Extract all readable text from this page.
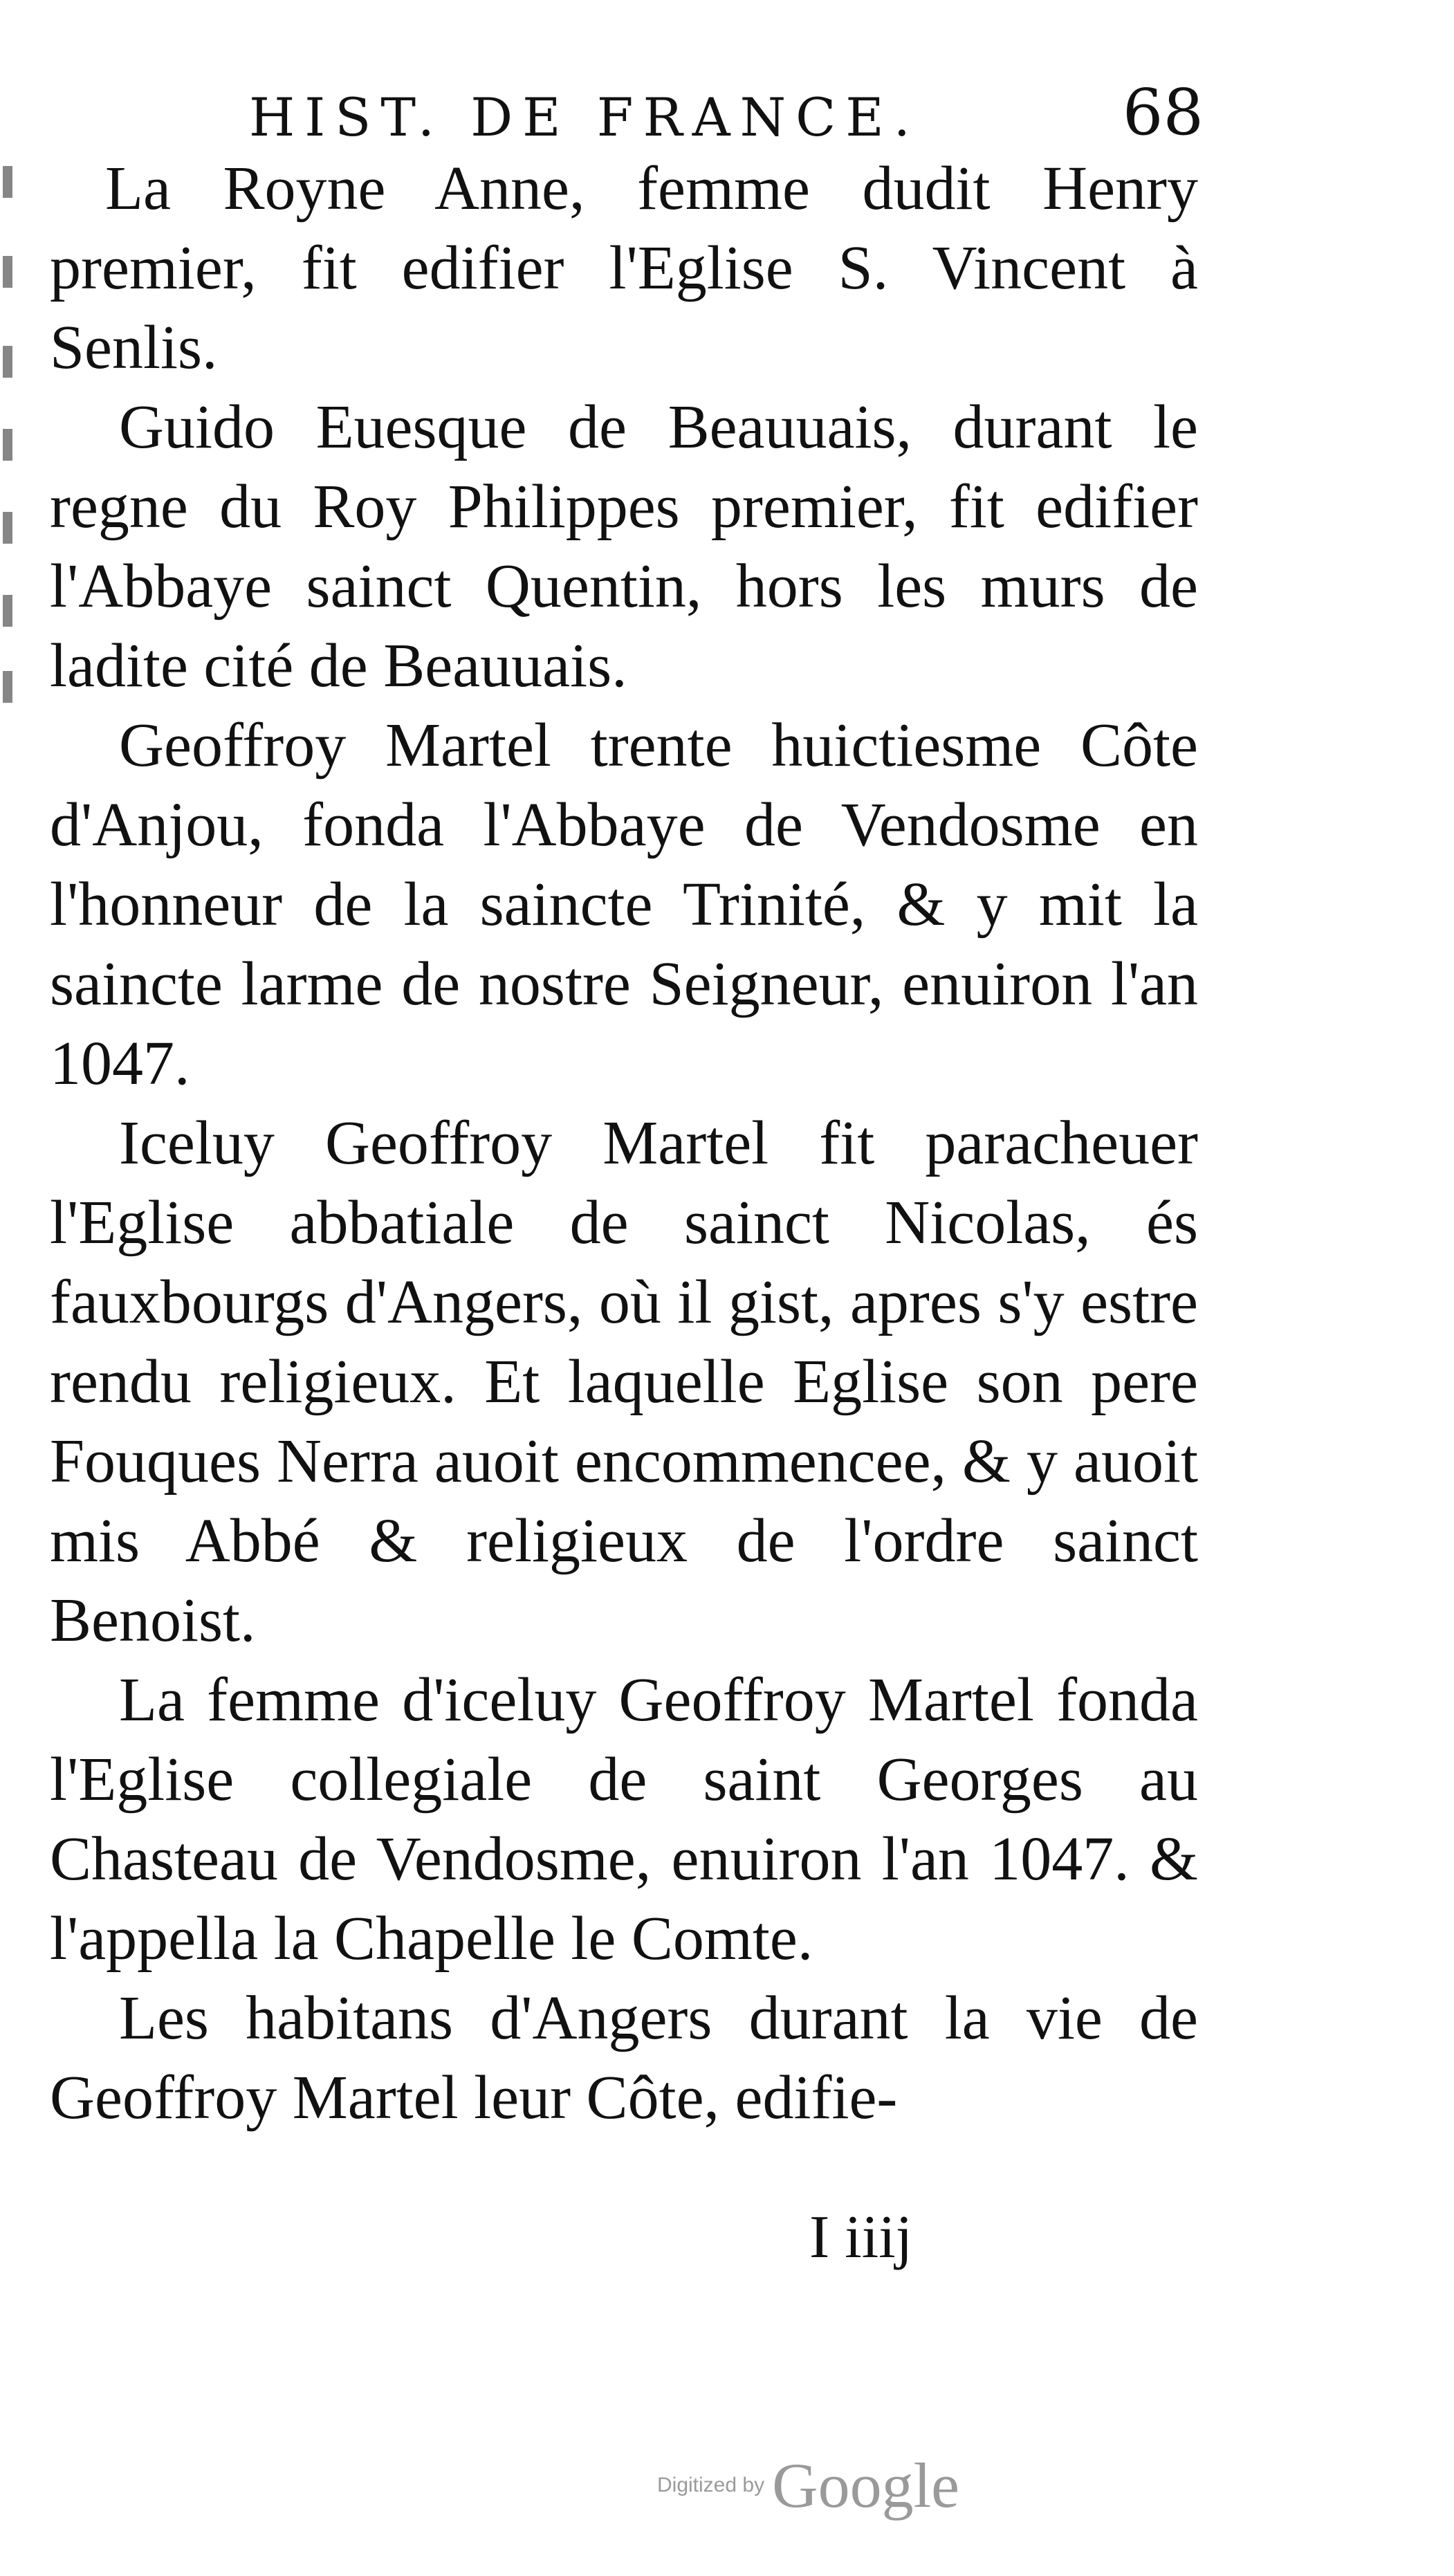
HIST. DE FRANCE.	68

La Royne Anne, femme dudit Henry premier, fit edifier l'Eglise S. Vincent à Senlis.

Guido Euesque de Beauuais, durant le regne du Roy Philippes premier, fit edifier l'Abbaye sainct Quentin, hors les murs de ladite cité de Beauuais.

Geoffroy Martel trente huictiesme Côte d'Anjou, fonda l'Abbaye de Vendosme en l'honneur de la saincte Trinité, & y mit la saincte larme de nostre Seigneur, enuiron l'an 1047.

Iceluy Geoffroy Martel fit paracheuer l'Eglise abbatiale de sainct Nicolas, és fauxbourgs d'Angers, où il gist, apres s'y estre rendu religieux. Et laquelle Eglise son pere Fouques Nerra auoit encommencee, & y auoit mis Abbé & religieux de l'ordre sainct Benoist.

La femme d'iceluy Geoffroy Martel fonda l'Eglise collegiale de saint Georges au Chasteau de Vendosme, enuiron l'an 1047. & l'appella la Chapelle le Comte.

Les habitans d'Angers durant la vie de Geoffroy Martel leur Côte, edifie-

I iiij
Digitized by Google
